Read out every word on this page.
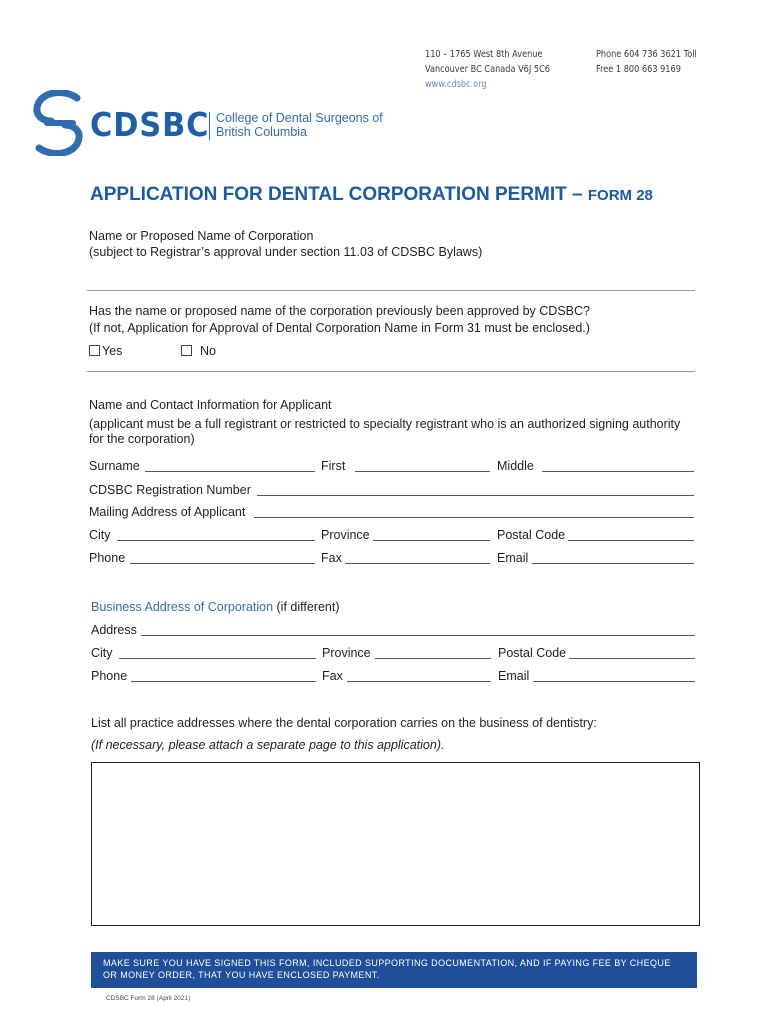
110 – 1765 West 8th Avenue
Vancouver BC Canada V6J 5C6
www.cdsbc.org
Phone 604 736 3621 Toll
Free 1 800 663 9169
CDSBC College of Dental Surgeons of
British Columbia
APPLICATION FOR DENTAL CORPORATION PERMIT – FORM 28
Name or Proposed Name of Corporation
(subject to Registrar’s approval under section 11.03 of CDSBC Bylaws)
Has the name or proposed name of the corporation previously been approved by CDSBC?
(If not, Application for Approval of Dental Corporation Name in Form 31 must be enclosed.)
Yes	No
Name and Contact Information for Applicant
(applicant must be a full registrant or restricted to specialty registrant who is an authorized signing authority
for the corporation)
Surname	First	Middle
CDSBC Registration Number
Mailing Address of Applicant
City	Province	Postal Code
Phone	Fax	Email
Business Address of Corporation (if different)
Address
City	Province	Postal Code
Phone	Fax	Email
List all practice addresses where the dental corporation carries on the business of dentistry:
(If necessary, please attach a separate page to this application).
MAKE SURE YOU HAVE SIGNED THIS FORM, INCLUDED SUPPORTING DOCUMENTATION, AND IF PAYING FEE BY CHEQUE
OR MONEY ORDER, THAT YOU HAVE ENCLOSED PAYMENT.
CDSBC Form 28 (April 2021)
